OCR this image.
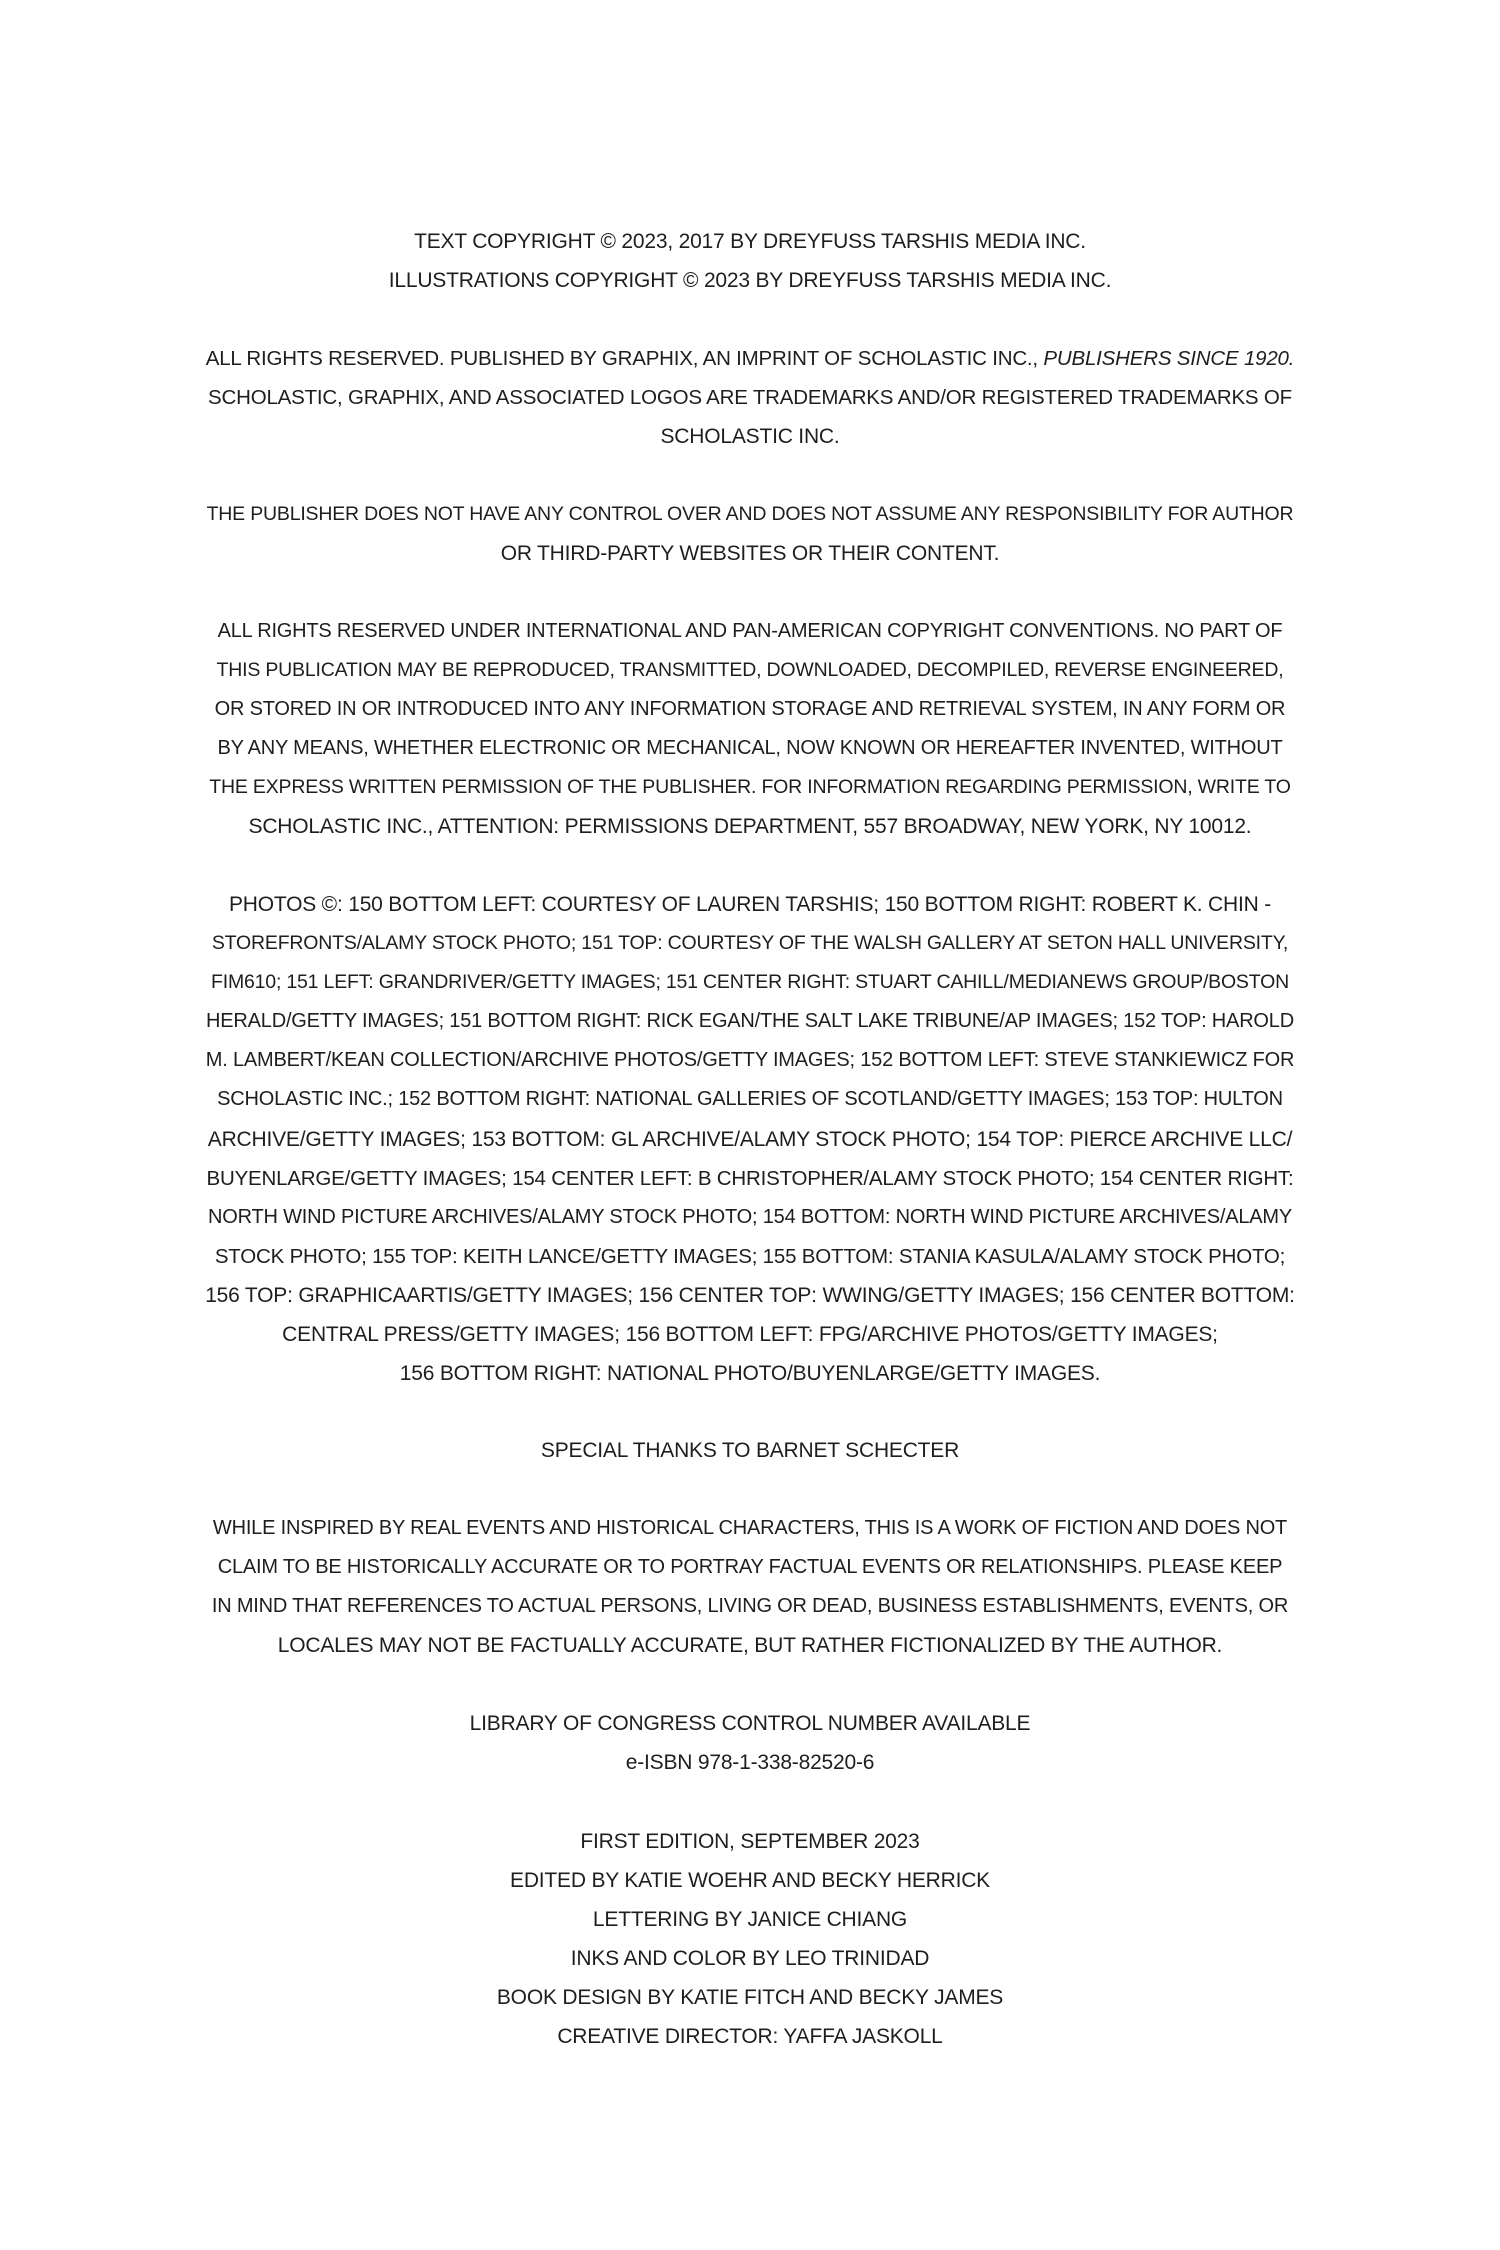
TEXT COPYRIGHT © 2023, 2017 BY DREYFUSS TARSHIS MEDIA INC.
ILLUSTRATIONS COPYRIGHT © 2023 BY DREYFUSS TARSHIS MEDIA INC.
ALL RIGHTS RESERVED. PUBLISHED BY GRAPHIX, AN IMPRINT OF SCHOLASTIC INC., PUBLISHERS SINCE 1920.
SCHOLASTIC, GRAPHIX, AND ASSOCIATED LOGOS ARE TRADEMARKS AND/OR REGISTERED TRADEMARKS OF
SCHOLASTIC INC.
THE PUBLISHER DOES NOT HAVE ANY CONTROL OVER AND DOES NOT ASSUME ANY RESPONSIBILITY FOR AUTHOR
OR THIRD-PARTY WEBSITES OR THEIR CONTENT.
ALL RIGHTS RESERVED UNDER INTERNATIONAL AND PAN-AMERICAN COPYRIGHT CONVENTIONS. NO PART OF
THIS PUBLICATION MAY BE REPRODUCED, TRANSMITTED, DOWNLOADED, DECOMPILED, REVERSE ENGINEERED,
OR STORED IN OR INTRODUCED INTO ANY INFORMATION STORAGE AND RETRIEVAL SYSTEM, IN ANY FORM OR
BY ANY MEANS, WHETHER ELECTRONIC OR MECHANICAL, NOW KNOWN OR HEREAFTER INVENTED, WITHOUT
THE EXPRESS WRITTEN PERMISSION OF THE PUBLISHER. FOR INFORMATION REGARDING PERMISSION, WRITE TO
SCHOLASTIC INC., ATTENTION: PERMISSIONS DEPARTMENT, 557 BROADWAY, NEW YORK, NY 10012.
PHOTOS ©: 150 BOTTOM LEFT: COURTESY OF LAUREN TARSHIS; 150 BOTTOM RIGHT: ROBERT K. CHIN -
STOREFRONTS/ALAMY STOCK PHOTO; 151 TOP: COURTESY OF THE WALSH GALLERY AT SETON HALL UNIVERSITY,
FIM610; 151 LEFT: GRANDRIVER/GETTY IMAGES; 151 CENTER RIGHT: STUART CAHILL/MEDIANEWS GROUP/BOSTON
HERALD/GETTY IMAGES; 151 BOTTOM RIGHT: RICK EGAN/THE SALT LAKE TRIBUNE/AP IMAGES; 152 TOP: HAROLD
M. LAMBERT/KEAN COLLECTION/ARCHIVE PHOTOS/GETTY IMAGES; 152 BOTTOM LEFT: STEVE STANKIEWICZ FOR
SCHOLASTIC INC.; 152 BOTTOM RIGHT: NATIONAL GALLERIES OF SCOTLAND/GETTY IMAGES; 153 TOP: HULTON
ARCHIVE/GETTY IMAGES; 153 BOTTOM: GL ARCHIVE/ALAMY STOCK PHOTO; 154 TOP: PIERCE ARCHIVE LLC/
BUYENLARGE/GETTY IMAGES; 154 CENTER LEFT: B CHRISTOPHER/ALAMY STOCK PHOTO; 154 CENTER RIGHT:
NORTH WIND PICTURE ARCHIVES/ALAMY STOCK PHOTO; 154 BOTTOM: NORTH WIND PICTURE ARCHIVES/ALAMY
STOCK PHOTO; 155 TOP: KEITH LANCE/GETTY IMAGES; 155 BOTTOM: STANIA KASULA/ALAMY STOCK PHOTO;
156 TOP: GRAPHICAARTIS/GETTY IMAGES; 156 CENTER TOP: WWING/GETTY IMAGES; 156 CENTER BOTTOM:
CENTRAL PRESS/GETTY IMAGES; 156 BOTTOM LEFT: FPG/ARCHIVE PHOTOS/GETTY IMAGES;
156 BOTTOM RIGHT: NATIONAL PHOTO/BUYENLARGE/GETTY IMAGES.
SPECIAL THANKS TO BARNET SCHECTER
WHILE INSPIRED BY REAL EVENTS AND HISTORICAL CHARACTERS, THIS IS A WORK OF FICTION AND DOES NOT
CLAIM TO BE HISTORICALLY ACCURATE OR TO PORTRAY FACTUAL EVENTS OR RELATIONSHIPS. PLEASE KEEP
IN MIND THAT REFERENCES TO ACTUAL PERSONS, LIVING OR DEAD, BUSINESS ESTABLISHMENTS, EVENTS, OR
LOCALES MAY NOT BE FACTUALLY ACCURATE, BUT RATHER FICTIONALIZED BY THE AUTHOR.
LIBRARY OF CONGRESS CONTROL NUMBER AVAILABLE
e-ISBN 978-1-338-82520-6
FIRST EDITION, SEPTEMBER 2023
EDITED BY KATIE WOEHR AND BECKY HERRICK
LETTERING BY JANICE CHIANG
INKS AND COLOR BY LEO TRINIDAD
BOOK DESIGN BY KATIE FITCH AND BECKY JAMES
CREATIVE DIRECTOR: YAFFA JASKOLL
